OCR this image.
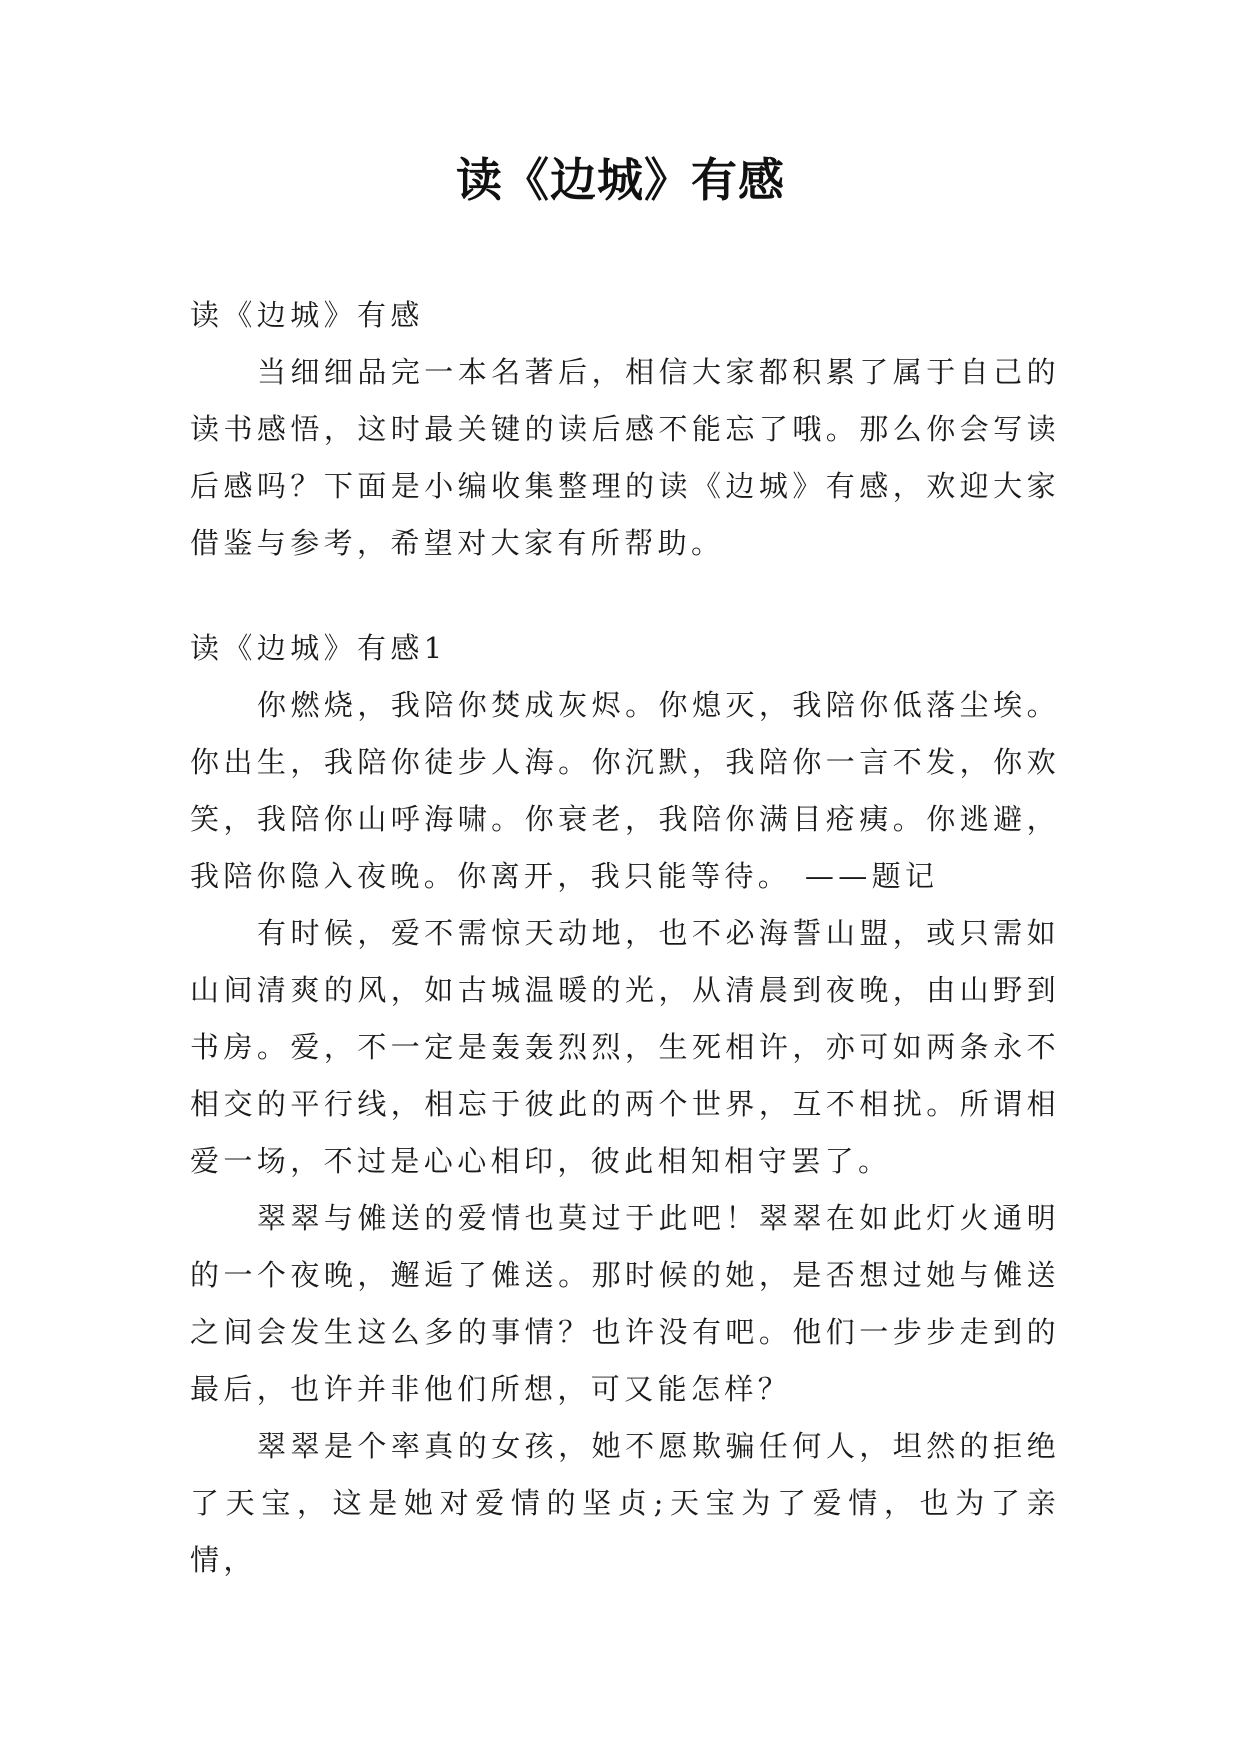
读《边城》有感
读《边城》有感
当细细品完一本名著后，相信大家都积累了属于自己的读书感悟，这时最关键的读后感不能忘了哦。那么你会写读后感吗？下面是小编收集整理的读《边城》有感，欢迎大家借鉴与参考，希望对大家有所帮助。
读《边城》有感1
你燃烧，我陪你焚成灰烬。你熄灭，我陪你低落尘埃。你出生，我陪你徒步人海。你沉默，我陪你一言不发，你欢笑，我陪你山呼海啸。你衰老，我陪你满目疮痍。你逃避，我陪你隐入夜晚。你离开，我只能等待。 ——题记
有时候，爱不需惊天动地，也不必海誓山盟，或只需如山间清爽的风，如古城温暖的光，从清晨到夜晚，由山野到书房。爱，不一定是轰轰烈烈，生死相许，亦可如两条永不相交的平行线，相忘于彼此的两个世界，互不相扰。所谓相爱一场，不过是心心相印，彼此相知相守罢了。
翠翠与傩送的爱情也莫过于此吧！翠翠在如此灯火通明的一个夜晚，邂逅了傩送。那时候的她，是否想过她与傩送之间会发生这么多的事情？也许没有吧。他们一步步走到的最后，也许并非他们所想，可又能怎样？
翠翠是个率真的女孩，她不愿欺骗任何人，坦然的拒绝了天宝，这是她对爱情的坚贞;天宝为了爱情，也为了亲情，
